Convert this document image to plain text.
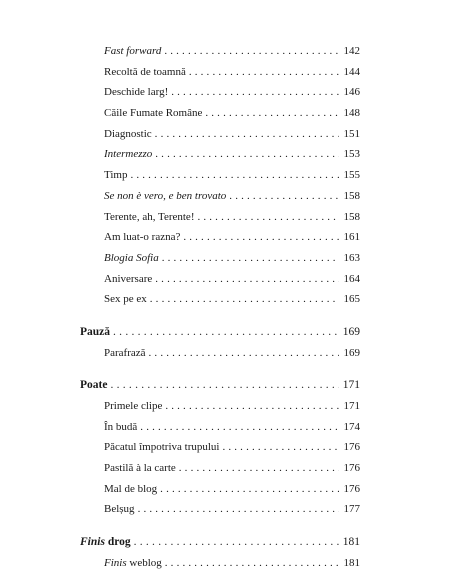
Fast forward . . .	142
Recoltă de toamnă . . .	144
Deschide larg! . . .	146
Căile Fumate Române . . .	148
Diagnostic . . .	151
Intermezzo . . .	153
Timp . . .	155
Se non è vero, e ben trovato . . .	158
Terente, ah, Terente! . . .	158
Am luat-o razna? . . .	161
Blogia Sofia . . .	163
Aniversare . . .	164
Sex pe ex . . .	165
Pauză . . .	169
Parafrază . . .	169
Poate . . .	171
Primele clipe . . .	171
În budă . . .	174
Păcatul împotriva trupului . . .	176
Pastilă à la carte . . .	176
Mal de blog . . .	176
Belșug . . .	177
Finis drog . . .	181
Finis weblog . . .	181
